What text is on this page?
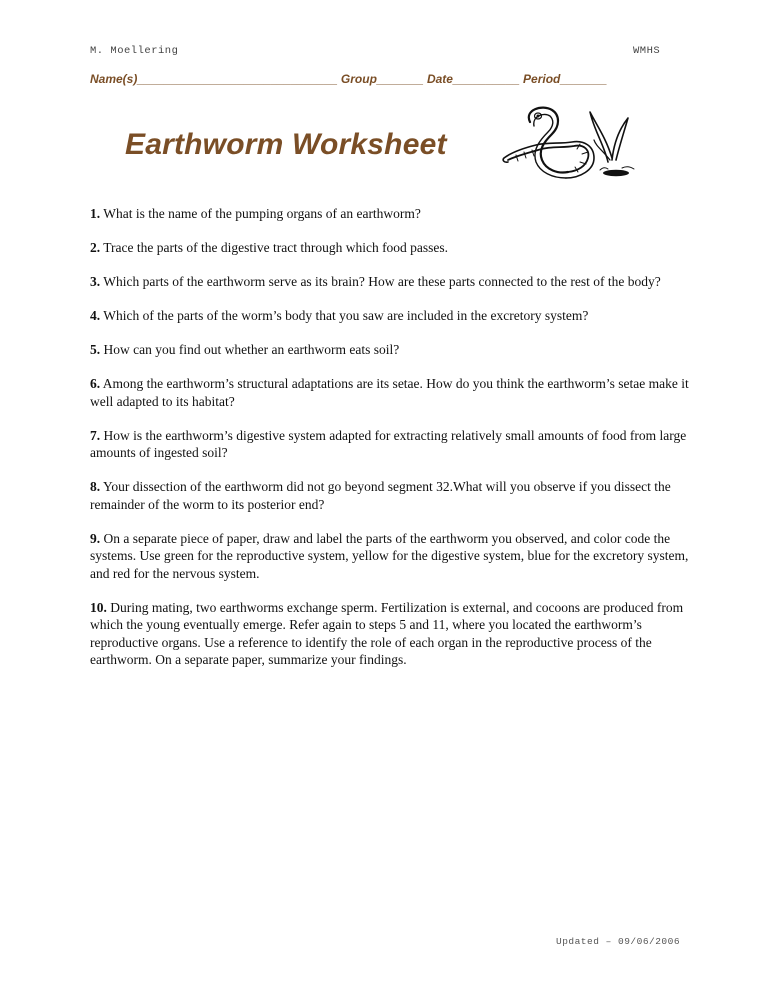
M. Moellering	WMHS
Name(s)______________________________ Group_______ Date__________ Period_______
Earthworm Worksheet

1. What is the name of the pumping organs of an earthworm?

2. Trace the parts of the digestive tract through which food passes.

3. Which parts of the earthworm serve as its brain? How are these parts connected to the rest of the body?

4. Which of the parts of the worm’s body that you saw are included in the excretory system?

5. How can you find out whether an earthworm eats soil?

6. Among the earthworm’s structural adaptations are its setae. How do you think the earthworm’s setae make it well adapted to its habitat?

7. How is the earthworm’s digestive system adapted for extracting relatively small amounts of food from large amounts of ingested soil?

8. Your dissection of the earthworm did not go beyond segment 32.What will you observe if you dissect the remainder of the worm to its posterior end?

9. On a separate piece of paper, draw and label the parts of the earthworm you observed, and color code the systems. Use green for the reproductive system, yellow for the digestive system, blue for the excretory system, and red for the nervous system.

10. During mating, two earthworms exchange sperm. Fertilization is external, and cocoons are produced from which the young eventually emerge. Refer again to steps 5 and 11, where you located the earthworm’s reproductive organs. Use a reference to identify the role of each organ in the reproductive process of the earthworm. On a separate paper, summarize your findings.

Updated – 09/06/2006
